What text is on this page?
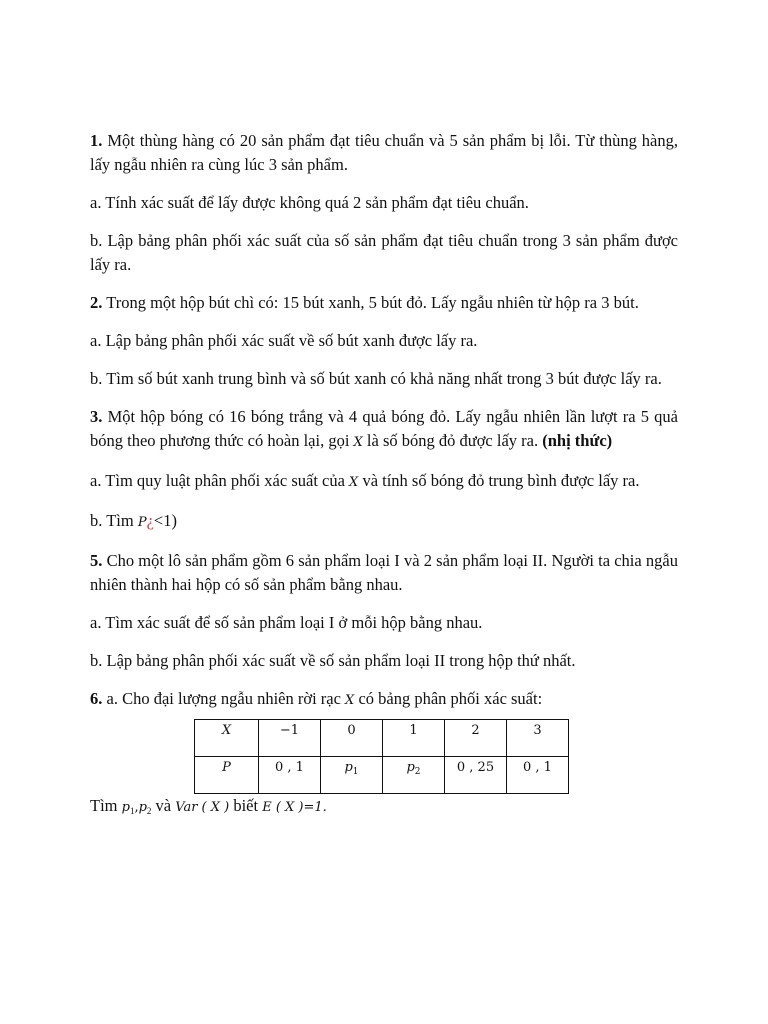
1. Một thùng hàng có 20 sản phẩm đạt tiêu chuẩn và 5 sản phẩm bị lỗi. Từ thùng hàng, lấy ngẫu nhiên ra cùng lúc 3 sản phẩm.

a. Tính xác suất để lấy được không quá 2 sản phẩm đạt tiêu chuẩn.

b. Lập bảng phân phối xác suất của số sản phẩm đạt tiêu chuẩn trong 3 sản phẩm được lấy ra.

2. Trong một hộp bút chì có: 15 bút xanh, 5 bút đỏ. Lấy ngẫu nhiên từ hộp ra 3 bút.

a. Lập bảng phân phối xác suất về số bút xanh được lấy ra.

b. Tìm số bút xanh trung bình và số bút xanh có khả năng nhất trong 3 bút được lấy ra.

3. Một hộp bóng có 16 bóng trắng và 4 quả bóng đỏ. Lấy ngẫu nhiên lần lượt ra 5 quả bóng theo phương thức có hoàn lại, gọi X là số bóng đỏ được lấy ra. (nhị thức)

a. Tìm quy luật phân phối xác suất của X và tính số bóng đỏ trung bình được lấy ra.

b. Tìm P¿<1)

5. Cho một lô sản phẩm gồm 6 sản phẩm loại I và 2 sản phẩm loại II. Người ta chia ngẫu nhiên thành hai hộp có số sản phẩm bằng nhau.

a. Tìm xác suất để số sản phẩm loại I ở mỗi hộp bằng nhau.

b. Lập bảng phân phối xác suất về số sản phẩm loại II trong hộp thứ nhất.

6. a. Cho đại lượng ngẫu nhiên rời rạc X có bảng phân phối xác suất:

X	−1	0	1	2	3
P	0 , 1	$p_1$	$p_2$	0 , 25	0 , 1

Tìm $p_1,p_2$ và Var ( X ) biết E ( X )=1.
